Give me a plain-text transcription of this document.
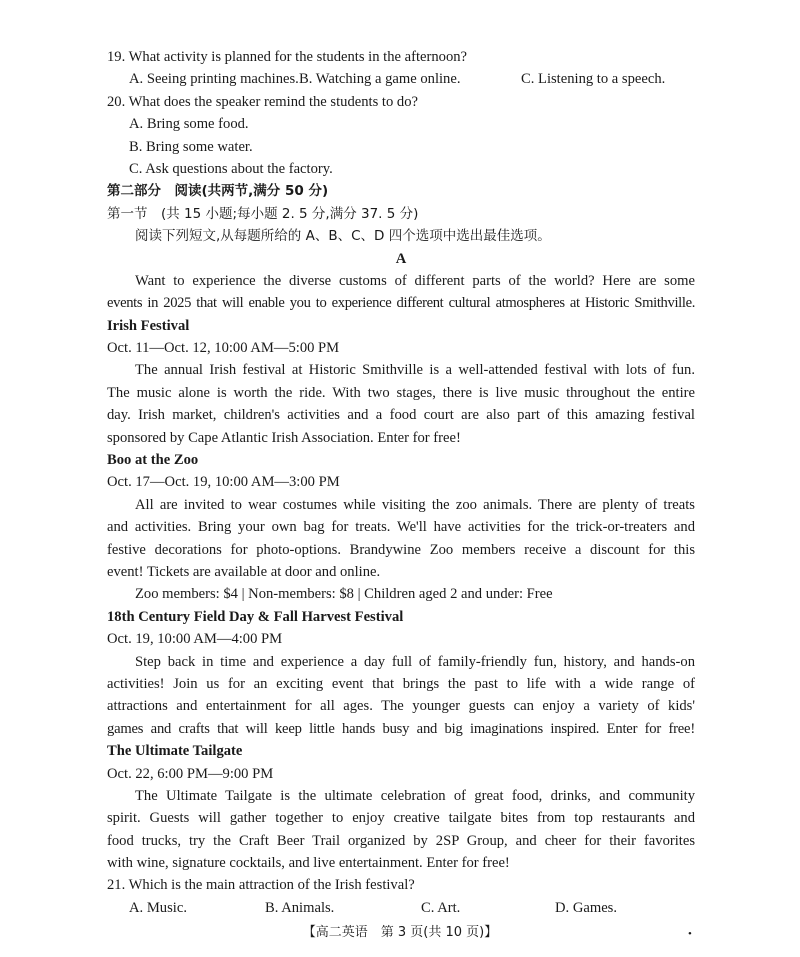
19. What activity is planned for the students in the afternoon?
A. Seeing printing machines. B. Watching a game online.	C. Listening to a speech.
20. What does the speaker remind the students to do?
A. Bring some food.
B. Bring some water.
C. Ask questions about the factory.
第二部分　阅读(共两节,满分 50 分)
第一节　(共 15 小题;每小题 2. 5 分,满分 37. 5 分)
阅读下列短文,从每题所给的 A、B、C、D 四个选项中选出最佳选项。
A
Want to experience the diverse customs of different parts of the world? Here are some
events in 2025 that will enable you to experience different cultural atmospheres at Historic Smithville.
Irish Festival
Oct. 11—Oct. 12, 10:00 AM—5:00 PM
The annual Irish festival at Historic Smithville is a well-attended festival with lots of fun.
The music alone is worth the ride. With two stages, there is live music throughout the entire
day. Irish market, children's activities and a food court are also part of this amazing festival
sponsored by Cape Atlantic Irish Association. Enter for free!
Boo at the Zoo
Oct. 17—Oct. 19, 10:00 AM—3:00 PM
All are invited to wear costumes while visiting the zoo animals. There are plenty of treats
and activities. Bring your own bag for treats. We'll have activities for the trick-or-treaters and
festive decorations for photo-options. Brandywine Zoo members receive a discount for this
event! Tickets are available at door and online.
Zoo members: $4 | Non-members: $8 | Children aged 2 and under: Free
18th Century Field Day & Fall Harvest Festival
Oct. 19, 10:00 AM—4:00 PM
Step back in time and experience a day full of family-friendly fun, history, and hands-on
activities! Join us for an exciting event that brings the past to life with a wide range of
attractions and entertainment for all ages. The younger guests can enjoy a variety of kids'
games and crafts that will keep little hands busy and big imaginations inspired. Enter for free!
The Ultimate Tailgate
Oct. 22, 6:00 PM—9:00 PM
The Ultimate Tailgate is the ultimate celebration of great food, drinks, and community
spirit. Guests will gather together to enjoy creative tailgate bites from top restaurants and
food trucks, try the Craft Beer Trail organized by 2SP Group, and cheer for their favorites
with wine, signature cocktails, and live entertainment. Enter for free!
21. Which is the main attraction of the Irish festival?
A. Music.	B. Animals.	C. Art.	D. Games.
【高二英语　第 3 页(共 10 页)】	•
